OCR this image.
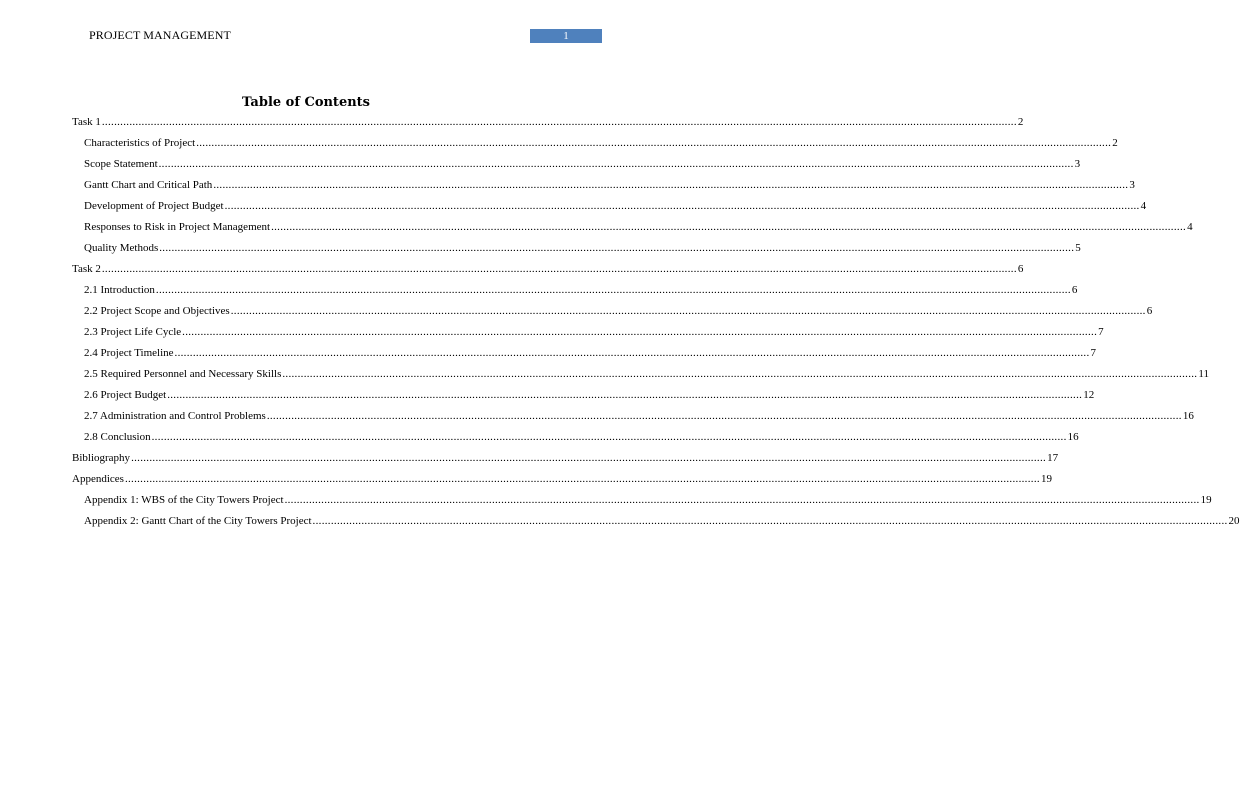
PROJECT MANAGEMENT	1
Table of Contents
Task 1 ............................................................................................................................................................................................................................................................................................................ 2
Characteristics of Project ............................................................................................................................................................................................................................................................................................................ 2
Scope Statement ............................................................................................................................................................................................................................................................................................................ 3
Gantt Chart and Critical Path ............................................................................................................................................................................................................................................................................................................ 3
Development of Project Budget ............................................................................................................................................................................................................................................................................................................ 4
Responses to Risk in Project Management ............................................................................................................................................................................................................................................................................................................ 4
Quality Methods ............................................................................................................................................................................................................................................................................................................ 5
Task 2 ............................................................................................................................................................................................................................................................................................................ 6
2.1 Introduction ............................................................................................................................................................................................................................................................................................................ 6
2.2 Project Scope and Objectives ............................................................................................................................................................................................................................................................................................................ 6
2.3 Project Life Cycle ............................................................................................................................................................................................................................................................................................................ 7
2.4 Project Timeline ............................................................................................................................................................................................................................................................................................................ 7
2.5 Required Personnel and Necessary Skills ............................................................................................................................................................................................................................................................................................................ 11
2.6 Project Budget ............................................................................................................................................................................................................................................................................................................ 12
2.7 Administration and Control Problems ............................................................................................................................................................................................................................................................................................................ 16
2.8 Conclusion ............................................................................................................................................................................................................................................................................................................ 16
Bibliography ............................................................................................................................................................................................................................................................................................................ 17
Appendices ............................................................................................................................................................................................................................................................................................................ 19
Appendix 1: WBS of the City Towers Project ............................................................................................................................................................................................................................................................................................................ 19
Appendix 2: Gantt Chart of the City Towers Project ............................................................................................................................................................................................................................................................................................................ 20
